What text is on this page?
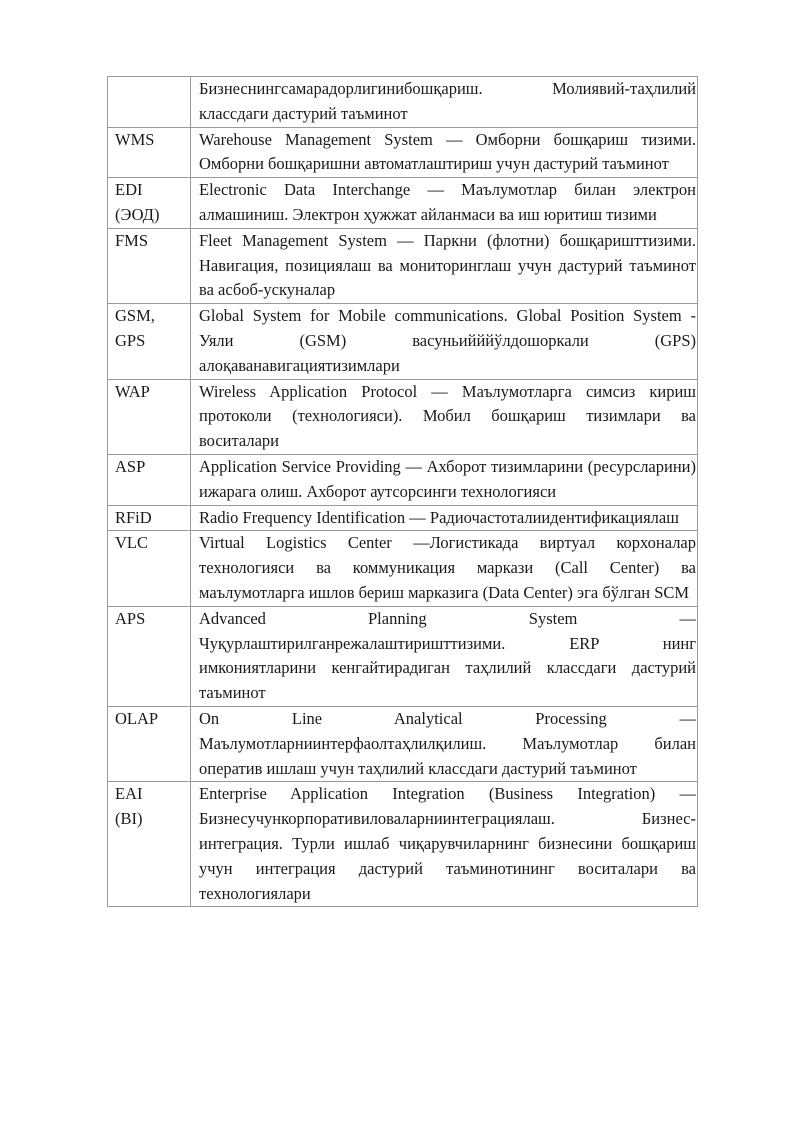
	Бизнеснингсамарадорлигинибошқариш. Молиявий-таҳлилий классдаги дастурий таъминот

WMS	Warehouse Management System — Омборни бошқариш тизими. Омборни бошқаришни автоматлаштириш учун дастурий таъминот

EDI
(ЭОД)	Electronic Data Interchange — Маълумотлар билан электрон алмашиниш. Электрон ҳужжат айланмаси ва иш юритиш тизими

FMS	Fleet Management System — Паркни (флотни) бошқаришттизими. Навигация, позициялаш ва мониторинглаш учун дастурий таъминот ва асбоб-ускуналар

GSM,
GPS	Global System for Mobile communications. Global Position System - Уяли (GSM) васуньийййўлдошоркали (GPS) алоқаванавигациятизимлари

WAP	Wireless Application Protocol — Маълумотларга симсиз кириш протоколи (технологияси). Мобил бошқариш тизимлари ва воситалари

ASP	Application Service Providing — Ахборот тизимларини (ресурсларини) ижарага олиш. Ахборот аутсорсинги технологияси

RFiD	Radio Frequency Identification — Радиочастоталиидентификациялаш

VLC	Virtual Logistics Center —Логистикада виртуал корхоналар технологияси ва коммуникация маркази (Call Center) ва маълумотларга ишлов бериш марказига (Data Center) эга бўлган SCM

APS	Advanced Planning System — Чуқурлаштирилганрежалаштиришттизими. ERP нинг имкониятларини кенгайтирадиган таҳлилий классдаги дастурий таъминот

OLAP	On Line Analytical Processing — Маълумотларниинтерфаолтаҳлилқилиш. Маълумотлар билан оператив ишлаш учун таҳлилий классдаги дастурий таъминот

EAI
(BI)	Enterprise Application Integration (Business Integration) — Бизнесучункорпоративиловаларниинтеграциялаш. Бизнес-интеграция. Турли ишлаб чиқарувчиларнинг бизнесини бошқариш учун интеграция дастурий таъминотининг воситалари ва технологиялари
